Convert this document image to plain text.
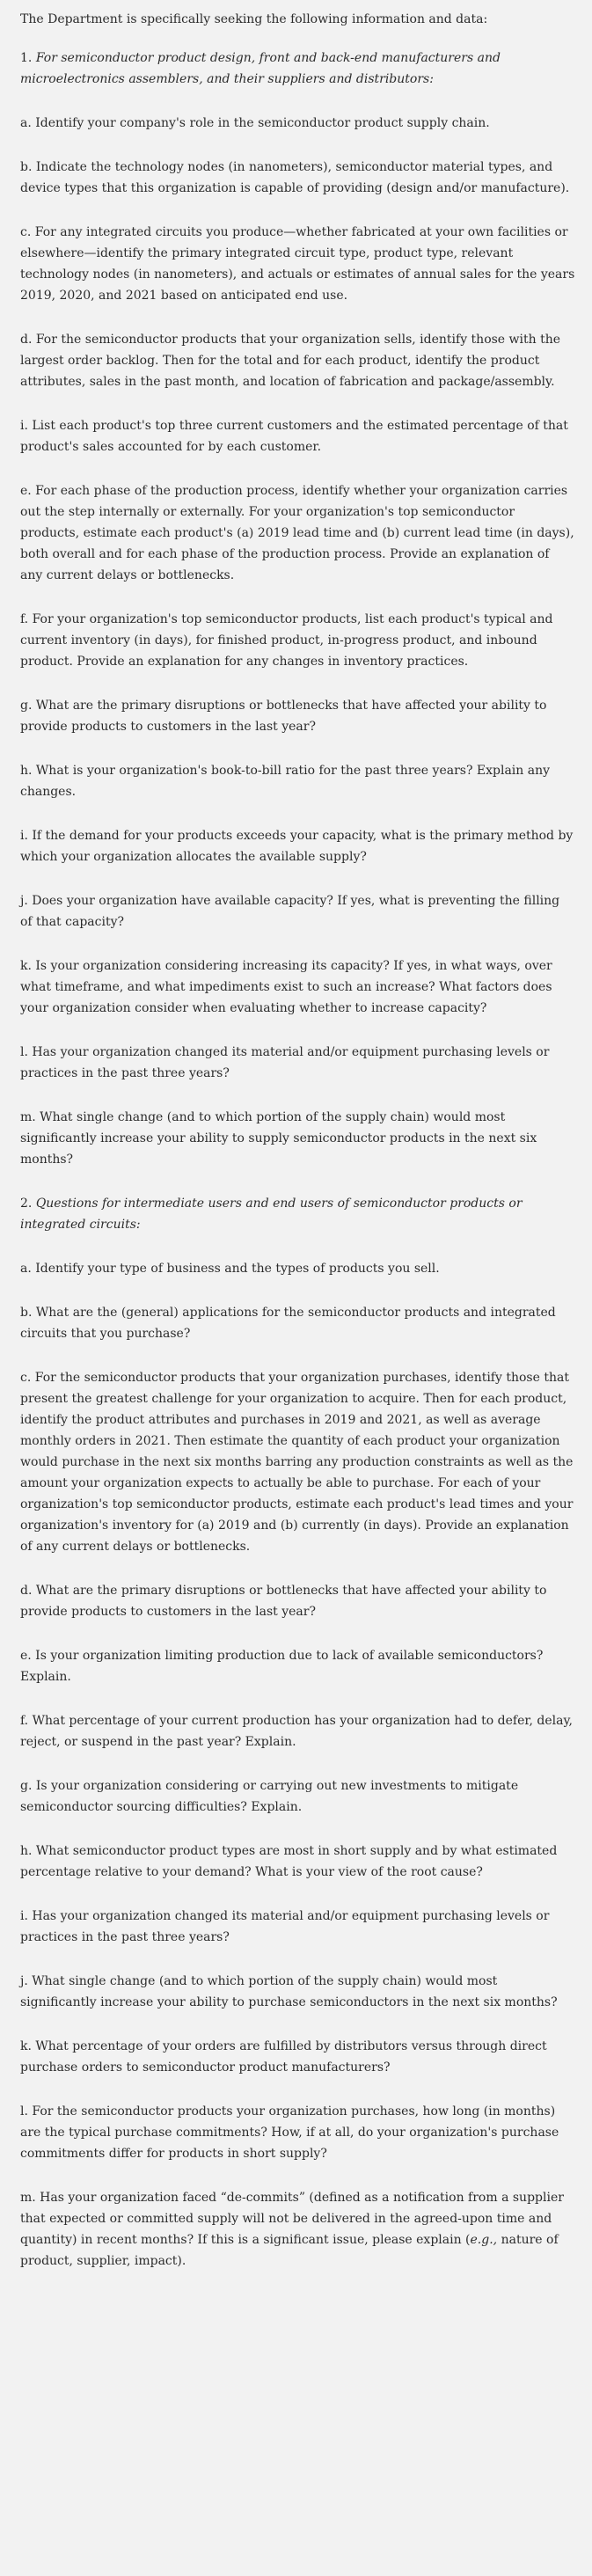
The Department is specifically seeking the following information and data:

1. For semiconductor product design, front and back-end manufacturers and microelectronics assemblers, and their suppliers and distributors:

a. Identify your company's role in the semiconductor product supply chain.

b. Indicate the technology nodes (in nanometers), semiconductor material types, and device types that this organization is capable of providing (design and/or manufacture).

c. For any integrated circuits you produce—whether fabricated at your own facilities or elsewhere—identify the primary integrated circuit type, product type, relevant technology nodes (in nanometers), and actuals or estimates of annual sales for the years 2019, 2020, and 2021 based on anticipated end use.

d. For the semiconductor products that your organization sells, identify those with the largest order backlog. Then for the total and for each product, identify the product attributes, sales in the past month, and location of fabrication and package/assembly.

i. List each product's top three current customers and the estimated percentage of that product's sales accounted for by each customer.

e. For each phase of the production process, identify whether your organization carries out the step internally or externally. For your organization's top semiconductor products, estimate each product's (a) 2019 lead time and (b) current lead time (in days), both overall and for each phase of the production process. Provide an explanation of any current delays or bottlenecks.

f. For your organization's top semiconductor products, list each product's typical and current inventory (in days), for finished product, in-progress product, and inbound product. Provide an explanation for any changes in inventory practices.

g. What are the primary disruptions or bottlenecks that have affected your ability to provide products to customers in the last year?

h. What is your organization's book-to-bill ratio for the past three years? Explain any changes.

i. If the demand for your products exceeds your capacity, what is the primary method by which your organization allocates the available supply?

j. Does your organization have available capacity? If yes, what is preventing the filling of that capacity?

k. Is your organization considering increasing its capacity? If yes, in what ways, over what timeframe, and what impediments exist to such an increase? What factors does your organization consider when evaluating whether to increase capacity?

l. Has your organization changed its material and/or equipment purchasing levels or practices in the past three years?

m. What single change (and to which portion of the supply chain) would most significantly increase your ability to supply semiconductor products in the next six months?

2. Questions for intermediate users and end users of semiconductor products or integrated circuits:

a. Identify your type of business and the types of products you sell.

b. What are the (general) applications for the semiconductor products and integrated circuits that you purchase?

c. For the semiconductor products that your organization purchases, identify those that present the greatest challenge for your organization to acquire. Then for each product, identify the product attributes and purchases in 2019 and 2021, as well as average monthly orders in 2021. Then estimate the quantity of each product your organization would purchase in the next six months barring any production constraints as well as the amount your organization expects to actually be able to purchase. For each of your organization's top semiconductor products, estimate each product's lead times and your organization's inventory for (a) 2019 and (b) currently (in days). Provide an explanation of any current delays or bottlenecks.

d. What are the primary disruptions or bottlenecks that have affected your ability to provide products to customers in the last year?

e. Is your organization limiting production due to lack of available semiconductors? Explain.

f. What percentage of your current production has your organization had to defer, delay, reject, or suspend in the past year? Explain.

g. Is your organization considering or carrying out new investments to mitigate semiconductor sourcing difficulties? Explain.

h. What semiconductor product types are most in short supply and by what estimated percentage relative to your demand? What is your view of the root cause?

i. Has your organization changed its material and/or equipment purchasing levels or practices in the past three years?

j. What single change (and to which portion of the supply chain) would most significantly increase your ability to purchase semiconductors in the next six months?

k. What percentage of your orders are fulfilled by distributors versus through direct purchase orders to semiconductor product manufacturers?

l. For the semiconductor products your organization purchases, how long (in months) are the typical purchase commitments? How, if at all, do your organization's purchase commitments differ for products in short supply?

m. Has your organization faced “de-commits” (defined as a notification from a supplier that expected or committed supply will not be delivered in the agreed-upon time and quantity) in recent months? If this is a significant issue, please explain (e.g., nature of product, supplier, impact).
